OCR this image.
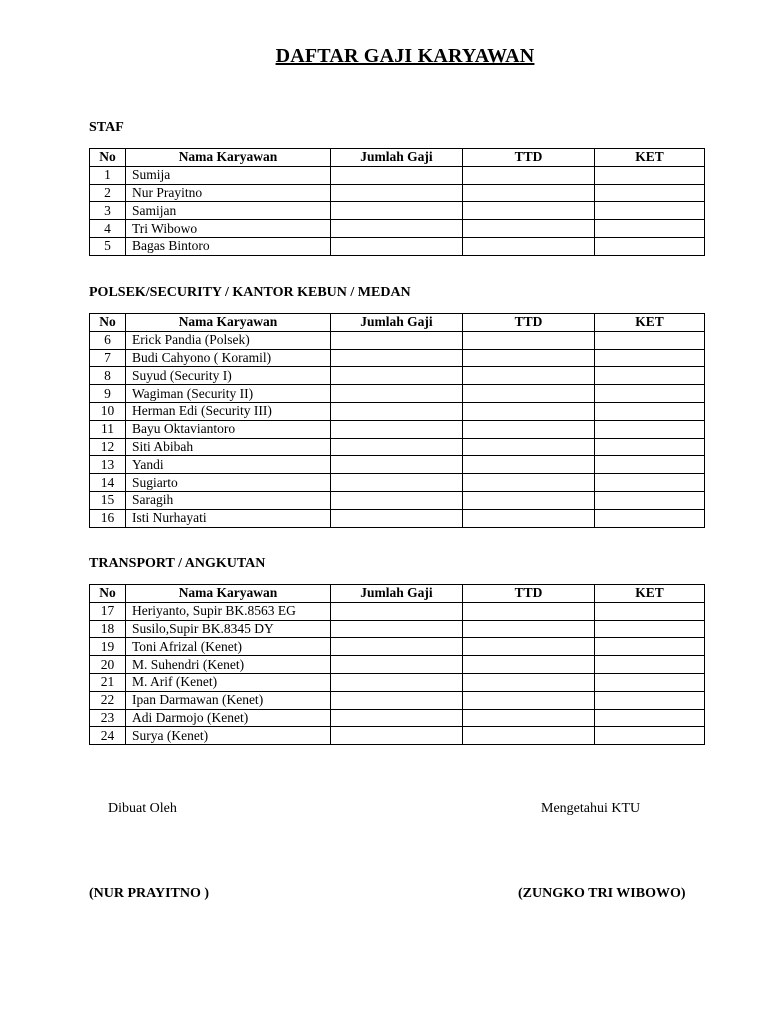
DAFTAR GAJI KARYAWAN
STAF
No	Nama Karyawan	Jumlah Gaji	TTD	KET
1	Sumija			
2	Nur Prayitno			
3	Samijan			
4	Tri Wibowo			
5	Bagas Bintoro			
POLSEK/SECURITY / KANTOR KEBUN / MEDAN
No	Nama Karyawan	Jumlah Gaji	TTD	KET
6	Erick Pandia (Polsek)			
7	Budi Cahyono ( Koramil)			
8	Suyud (Security I)			
9	Wagiman (Security II)			
10	Herman Edi (Security III)			
11	Bayu Oktaviantoro			
12	Siti Abibah			
13	Yandi			
14	Sugiarto			
15	Saragih			
16	Isti Nurhayati			
TRANSPORT / ANGKUTAN
No	Nama Karyawan	Jumlah Gaji	TTD	KET
17	Heriyanto, Supir BK.8563 EG			
18	Susilo,Supir BK.8345 DY			
19	Toni Afrizal (Kenet)			
20	M. Suhendri (Kenet)			
21	M. Arif (Kenet)			
22	Ipan Darmawan (Kenet)			
23	Adi Darmojo (Kenet)			
24	Surya (Kenet)			
Dibuat Oleh	Mengetahui KTU
(NUR PRAYITNO )	(ZUNGKO TRI WIBOWO)
